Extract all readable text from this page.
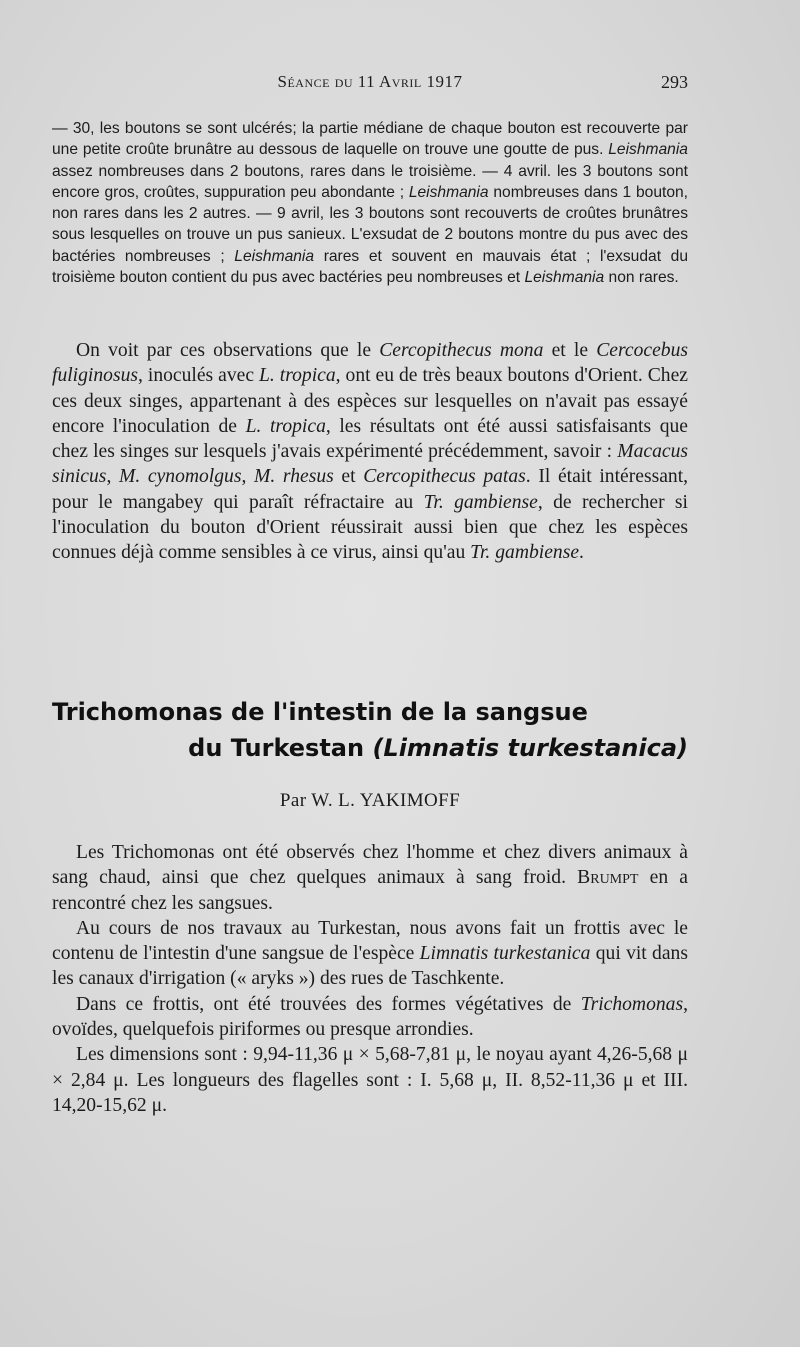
Séance du 11 Avril 1917	293

— 30, les boutons se sont ulcérés; la partie médiane de chaque bouton est recouverte par une petite croûte brunâtre au dessous de laquelle on trouve une goutte de pus. Leishmania assez nombreuses dans 2 boutons, rares dans le troisième. — 4 avril. les 3 boutons sont encore gros, croûtes, suppuration peu abondante ; Leishmania nombreuses dans 1 bouton, non rares dans les 2 autres. — 9 avril, les 3 boutons sont recouverts de croûtes brunâtres sous lesquelles on trouve un pus sanieux. L'exsudat de 2 boutons montre du pus avec des bactéries nombreuses ; Leishmania rares et souvent en mauvais état ; l'exsudat du troisième bouton contient du pus avec bactéries peu nombreuses et Leishmania non rares.

On voit par ces observations que le Cercopithecus mona et le Cercocebus fuliginosus, inoculés avec L. tropica, ont eu de très beaux boutons d'Orient. Chez ces deux singes, appartenant à des espèces sur lesquelles on n'avait pas essayé encore l'inoculation de L. tropica, les résultats ont été aussi satisfaisants que chez les singes sur lesquels j'avais expérimenté précédemment, savoir : Macacus sinicus, M. cynomolgus, M. rhesus et Cercopithecus patas. Il était intéressant, pour le mangabey qui paraît réfractaire au Tr. gambiense, de rechercher si l'inoculation du bouton d'Orient réussirait aussi bien que chez les espèces connues déjà comme sensibles à ce virus, ainsi qu'au Tr. gambiense.

Trichomonas de l'intestin de la sangsue
du Turkestan (Limnatis turkestanica)
Par W. L. YAKIMOFF

Les Trichomonas ont été observés chez l'homme et chez divers animaux à sang chaud, ainsi que chez quelques animaux à sang froid. Brumpt en a rencontré chez les sangsues.

Au cours de nos travaux au Turkestan, nous avons fait un frottis avec le contenu de l'intestin d'une sangsue de l'espèce Limnatis turkestanica qui vit dans les canaux d'irrigation (« aryks ») des rues de Taschkente.

Dans ce frottis, ont été trouvées des formes végétatives de Trichomonas, ovoïdes, quelquefois piriformes ou presque arrondies.

Les dimensions sont : 9,94-11,36 μ × 5,68-7,81 μ, le noyau ayant 4,26-5,68 μ × 2,84 μ. Les longueurs des flagelles sont : I. 5,68 μ, II. 8,52-11,36 μ et III. 14,20-15,62 μ.
